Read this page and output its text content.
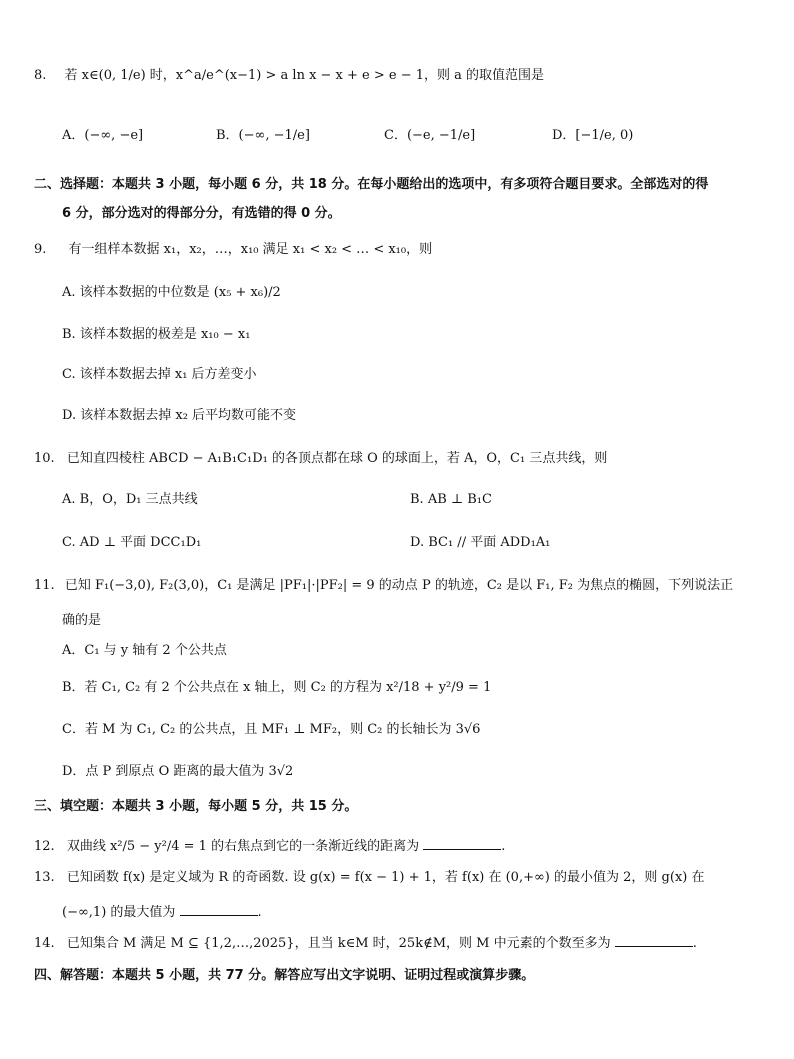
8. 若 x∈(0, 1/e) 时，x^a/e^(x−1) > a ln x − x + e > e − 1，则 a 的取值范围是
A．(−∞, −e]	B．(−∞, −1/e]	C．(−e, −1/e]	D．[−1/e, 0)
二、选择题：本题共 3 小题，每小题 6 分，共 18 分。在每小题给出的选项中，有多项符合题目要求。全部选对的得
6 分，部分选对的得部分分，有选错的得 0 分。
9. 有一组样本数据 x₁，x₂，…，x₁₀ 满足 x₁ < x₂ < … < x₁₀，则
A. 该样本数据的中位数是 (x₅ + x₆)/2
B. 该样本数据的极差是 x₁₀ − x₁
C. 该样本数据去掉 x₁ 后方差变小
D. 该样本数据去掉 x₂ 后平均数可能不变
10. 已知直四棱柱 ABCD − A₁B₁C₁D₁ 的各顶点都在球 O 的球面上，若 A，O，C₁ 三点共线，则
A. B，O，D₁ 三点共线	B. AB ⊥ B₁C
C. AD ⊥ 平面 DCC₁D₁	D. BC₁ // 平面 ADD₁A₁
11. 已知 F₁(−3,0), F₂(3,0)，C₁ 是满足 |PF₁|·|PF₂| = 9 的动点 P 的轨迹，C₂ 是以 F₁, F₂ 为焦点的椭圆，下列说法正
确的是
A．C₁ 与 y 轴有 2 个公共点
B．若 C₁, C₂ 有 2 个公共点在 x 轴上，则 C₂ 的方程为 x²/18 + y²/9 = 1
C．若 M 为 C₁, C₂ 的公共点，且 MF₁ ⊥ MF₂，则 C₂ 的长轴长为 3√6
D．点 P 到原点 O 距离的最大值为 3√2
三、填空题：本题共 3 小题，每小题 5 分，共 15 分。
12. 双曲线 x²/5 − y²/4 = 1 的右焦点到它的一条渐近线的距离为	.
13. 已知函数 f(x) 是定义域为 R 的奇函数. 设 g(x) = f(x − 1) + 1，若 f(x) 在 (0,+∞) 的最小值为 2，则 g(x) 在
(−∞,1) 的最大值为	.
14. 已知集合 M 满足 M ⊆ {1,2,…,2025}，且当 k∈M 时，25k∉M，则 M 中元素的个数至多为	.
四、解答题：本题共 5 小题，共 77 分。解答应写出文字说明、证明过程或演算步骤。
